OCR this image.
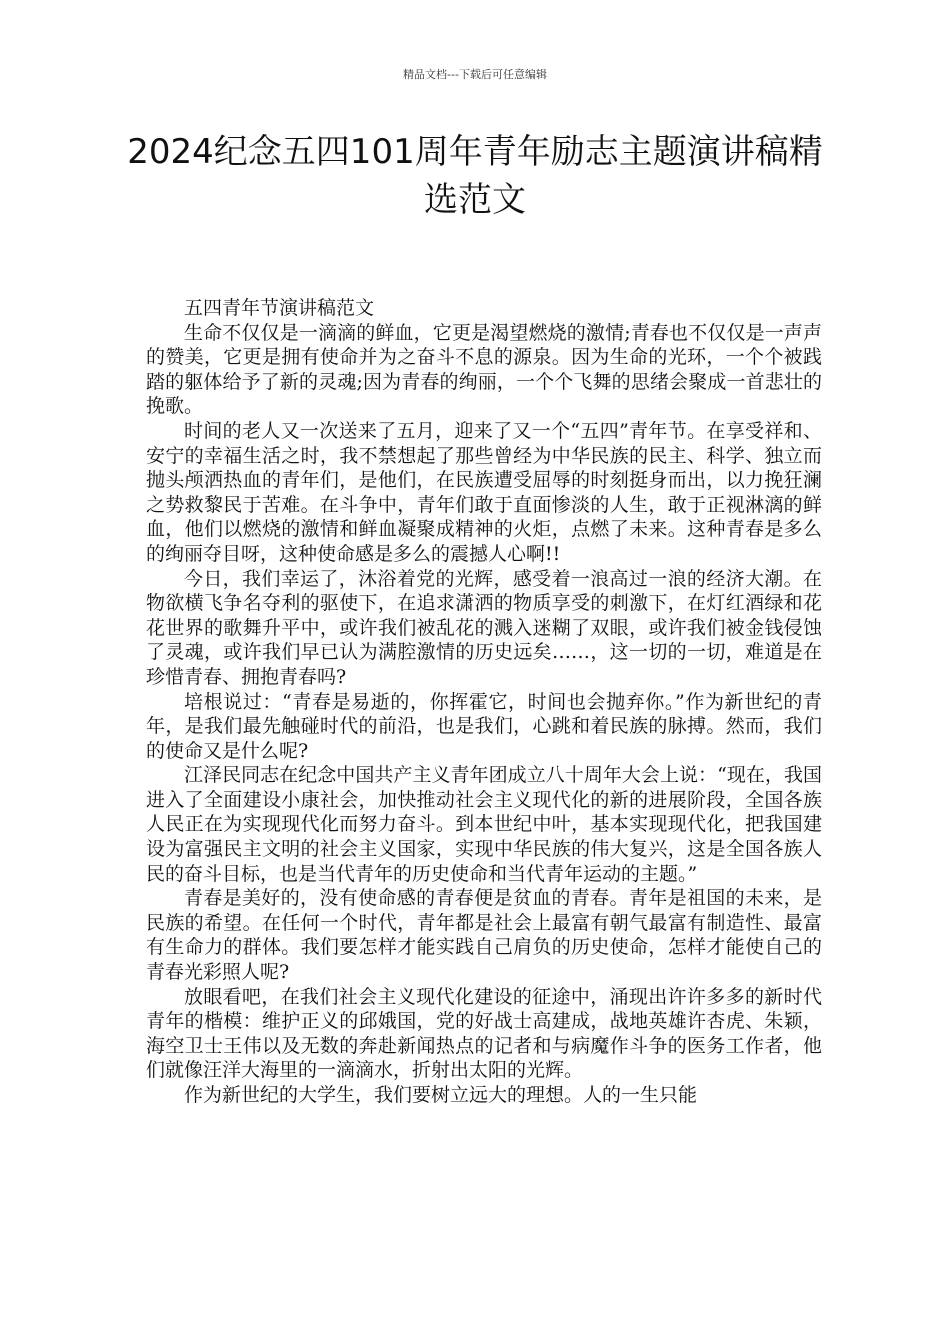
精品文档---下载后可任意编辑
2024纪念五四101周年青年励志主题演讲稿精选范文

五四青年节演讲稿范文

生命不仅仅是一滴滴的鲜血，它更是渴望燃烧的激情;青春也不仅仅是一声声的赞美，它更是拥有使命并为之奋斗不息的源泉。因为生命的光环，一个个被践踏的躯体给予了新的灵魂;因为青春的绚丽，一个个飞舞的思绪会聚成一首悲壮的挽歌。

时间的老人又一次送来了五月，迎来了又一个“五四”青年节。在享受祥和、安宁的幸福生活之时，我不禁想起了那些曾经为中华民族的民主、科学、独立而抛头颅洒热血的青年们，是他们，在民族遭受屈辱的时刻挺身而出，以力挽狂澜之势救黎民于苦难。在斗争中，青年们敢于直面惨淡的人生，敢于正视淋漓的鲜血，他们以燃烧的激情和鲜血凝聚成精神的火炬，点燃了未来。这种青春是多么的绚丽夺目呀，这种使命感是多么的震撼人心啊!!

今日，我们幸运了，沐浴着党的光辉，感受着一浪高过一浪的经济大潮。在物欲横飞争名夺利的驱使下，在追求潇洒的物质享受的刺激下，在灯红酒绿和花花世界的歌舞升平中，或许我们被乱花的溅入迷糊了双眼，或许我们被金钱侵蚀了灵魂，或许我们早已认为满腔激情的历史远矣……，这一切的一切，难道是在珍惜青春、拥抱青春吗?

培根说过：“青春是易逝的，你挥霍它，时间也会抛弃你。”作为新世纪的青年，是我们最先触碰时代的前沿，也是我们，心跳和着民族的脉搏。然而，我们的使命又是什么呢?

江泽民同志在纪念中国共产主义青年团成立八十周年大会上说：“现在，我国进入了全面建设小康社会，加快推动社会主义现代化的新的进展阶段，全国各族人民正在为实现现代化而努力奋斗。到本世纪中叶，基本实现现代化，把我国建设为富强民主文明的社会主义国家，实现中华民族的伟大复兴，这是全国各族人民的奋斗目标，也是当代青年的历史使命和当代青年运动的主题。”

青春是美好的，没有使命感的青春便是贫血的青春。青年是祖国的未来，是民族的希望。在任何一个时代，青年都是社会上最富有朝气最富有制造性、最富有生命力的群体。我们要怎样才能实践自己肩负的历史使命，怎样才能使自己的青春光彩照人呢?

放眼看吧，在我们社会主义现代化建设的征途中，涌现出许许多多的新时代青年的楷模：维护正义的邱娥国，党的好战士高建成，战地英雄许杏虎、朱颖，海空卫士王伟以及无数的奔赴新闻热点的记者和与病魔作斗争的医务工作者，他们就像汪洋大海里的一滴滴水，折射出太阳的光辉。

作为新世纪的大学生，我们要树立远大的理想。人的一生只能
